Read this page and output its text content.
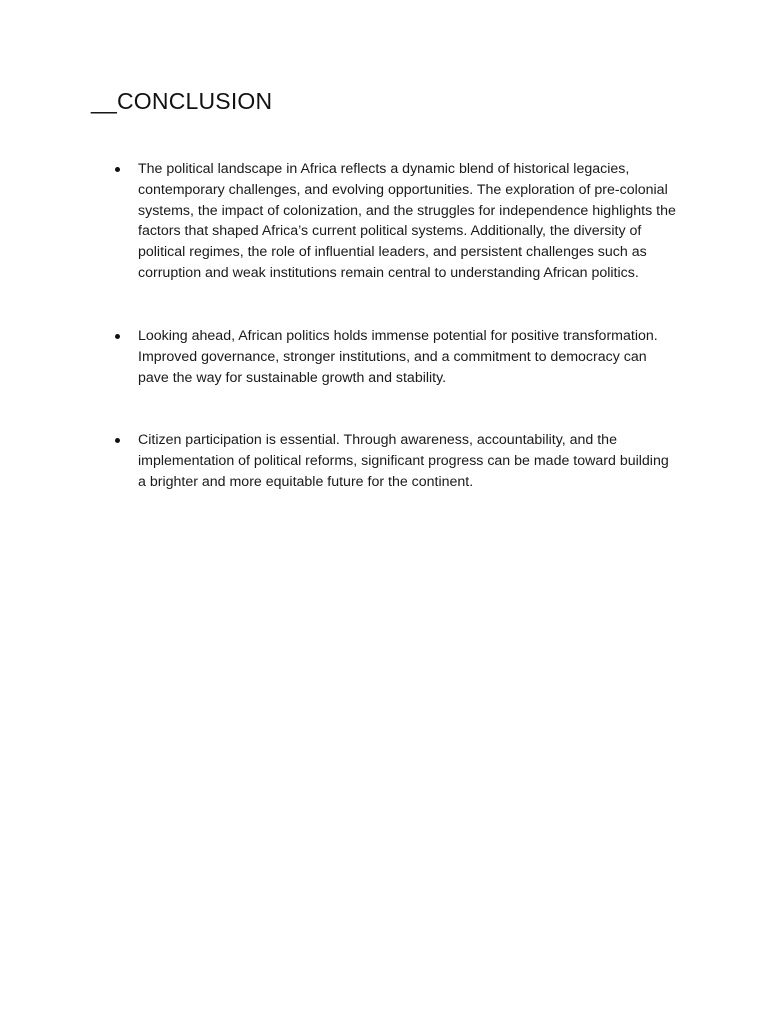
__CONCLUSION

The political landscape in Africa reflects a dynamic blend of historical legacies, contemporary challenges, and evolving opportunities. The exploration of pre-colonial systems, the impact of colonization, and the struggles for independence highlights the factors that shaped Africa’s current political systems. Additionally, the diversity of political regimes, the role of influential leaders, and persistent challenges such as corruption and weak institutions remain central to understanding African politics.

Looking ahead, African politics holds immense potential for positive transformation. Improved governance, stronger institutions, and a commitment to democracy can pave the way for sustainable growth and stability.

Citizen participation is essential. Through awareness, accountability, and the implementation of political reforms, significant progress can be made toward building a brighter and more equitable future for the continent.
